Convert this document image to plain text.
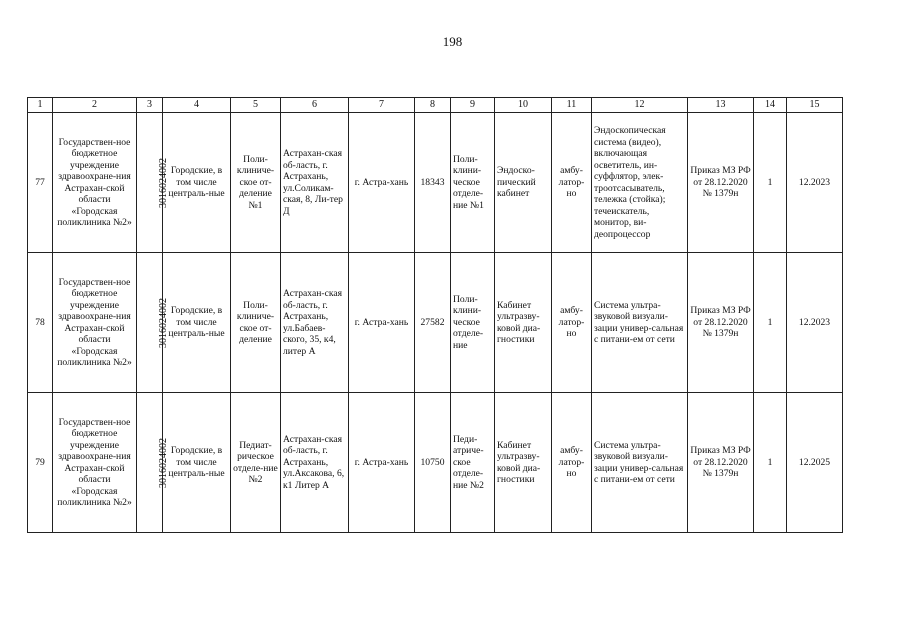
198
1	2	3	4	5	6	7	8	9	10	11	12	13	14	15
77	Государствен-ное бюджетное учреждение здравоохране-ния Астрахан-ской области «Городская поликлиника №2»	3016024002	Городские, в том числе централь-ные	Поли-клиниче-ское от-деление №1	Астрахан-ская об-ласть, г. Астрахань, ул.Соликам-ская, 8, Ли-тер Д	г. Астра-хань	18343	Поли-клини-ческое отделе-ние №1	Эндоско-пический кабинет	амбу-латор-но	Эндоскопическая система (видео), включающая осветитель, ин-суффлятор, элек-троотсасыватель, тележка (стойка); течеискатель, монитор, ви-деопроцессор	Приказ МЗ РФ от 28.12.2020 № 1379н	1	12.2023
78	Государствен-ное бюджетное учреждение здравоохране-ния Астрахан-ской области «Городская поликлиника №2»	3016024002	Городские, в том числе централь-ные	Поли-клиниче-ское от-деление	Астрахан-ская об-ласть, г. Астрахань, ул.Бабаев-ского, 35, к4, литер А	г. Астра-хань	27582	Поли-клини-ческое отделе-ние	Кабинет ультразву-ковой диа-гностики	амбу-латор-но	Система ультра-звуковой визуали-зации универ-сальная с питани-ем от сети	Приказ МЗ РФ от 28.12.2020 № 1379н	1	12.2023
79	Государствен-ное бюджетное учреждение здравоохране-ния Астрахан-ской области «Городская поликлиника №2»	3016024002	Городские, в том числе централь-ные	Педиат-рическое отделе-ние №2	Астрахан-ская об-ласть, г. Астрахань, ул.Аксакова, 6, к1 Литер А	г. Астра-хань	10750	Педи-атриче-ское отделе-ние №2	Кабинет ультразву-ковой диа-гностики	амбу-латор-но	Система ультра-звуковой визуали-зации универ-сальная с питани-ем от сети	Приказ МЗ РФ от 28.12.2020 № 1379н	1	12.2025
